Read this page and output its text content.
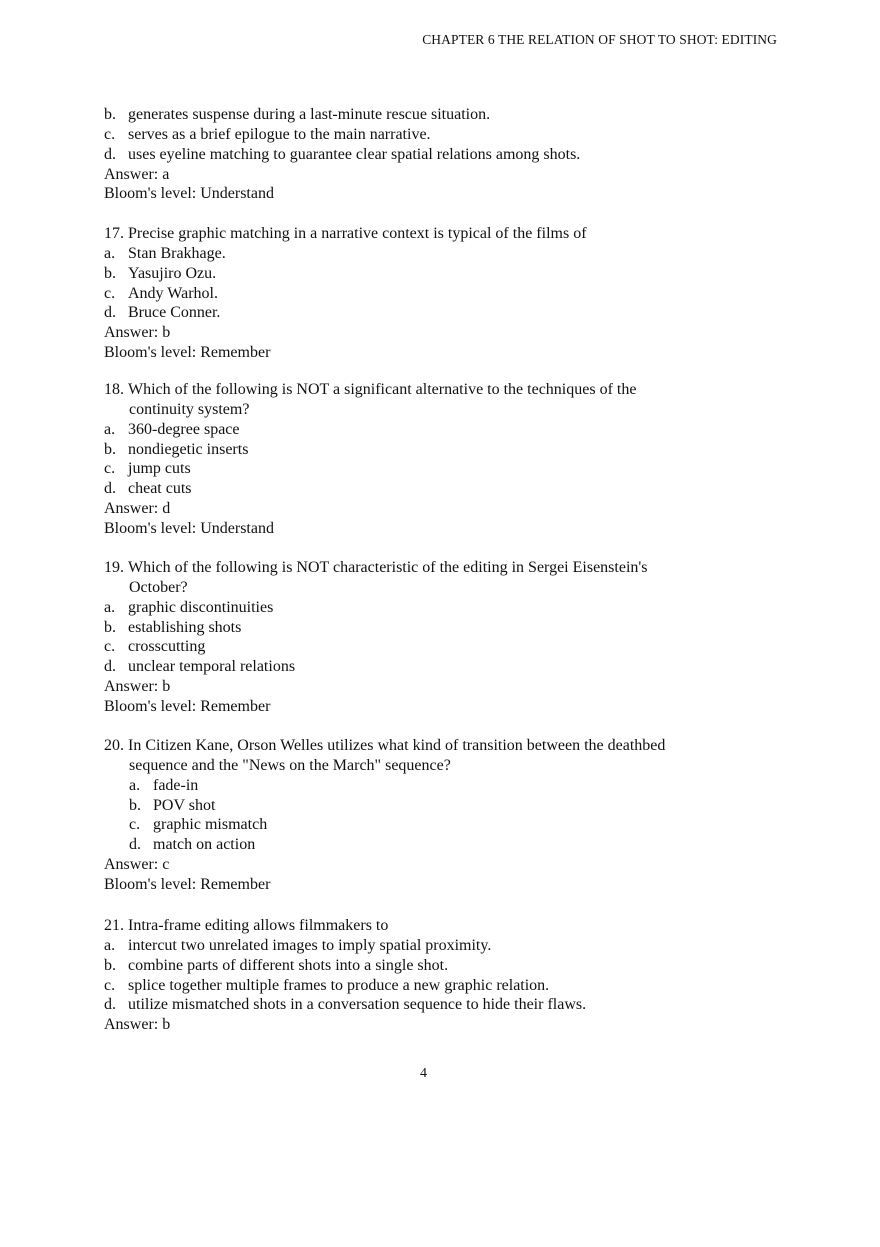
CHAPTER 6 THE RELATION OF SHOT TO SHOT: EDITING
b. generates suspense during a last-minute rescue situation.
c. serves as a brief epilogue to the main narrative.
d. uses eyeline matching to guarantee clear spatial relations among shots.
Answer: a
Bloom's level: Understand
17. Precise graphic matching in a narrative context is typical of the films of
a. Stan Brakhage.
b. Yasujiro Ozu.
c. Andy Warhol.
d. Bruce Conner.
Answer: b
Bloom's level: Remember
18. Which of the following is NOT a significant alternative to the techniques of the
continuity system?
a. 360-degree space
b. nondiegetic inserts
c. jump cuts
d. cheat cuts
Answer: d
Bloom's level: Understand
19. Which of the following is NOT characteristic of the editing in Sergei Eisenstein's
October?
a. graphic discontinuities
b. establishing shots
c. crosscutting
d. unclear temporal relations
Answer: b
Bloom's level: Remember
20. In Citizen Kane, Orson Welles utilizes what kind of transition between the deathbed
sequence and the "News on the March" sequence?
a. fade-in
b. POV shot
c. graphic mismatch
d. match on action
Answer: c
Bloom's level: Remember
21. Intra-frame editing allows filmmakers to
a. intercut two unrelated images to imply spatial proximity.
b. combine parts of different shots into a single shot.
c. splice together multiple frames to produce a new graphic relation.
d. utilize mismatched shots in a conversation sequence to hide their flaws.
Answer: b
4
